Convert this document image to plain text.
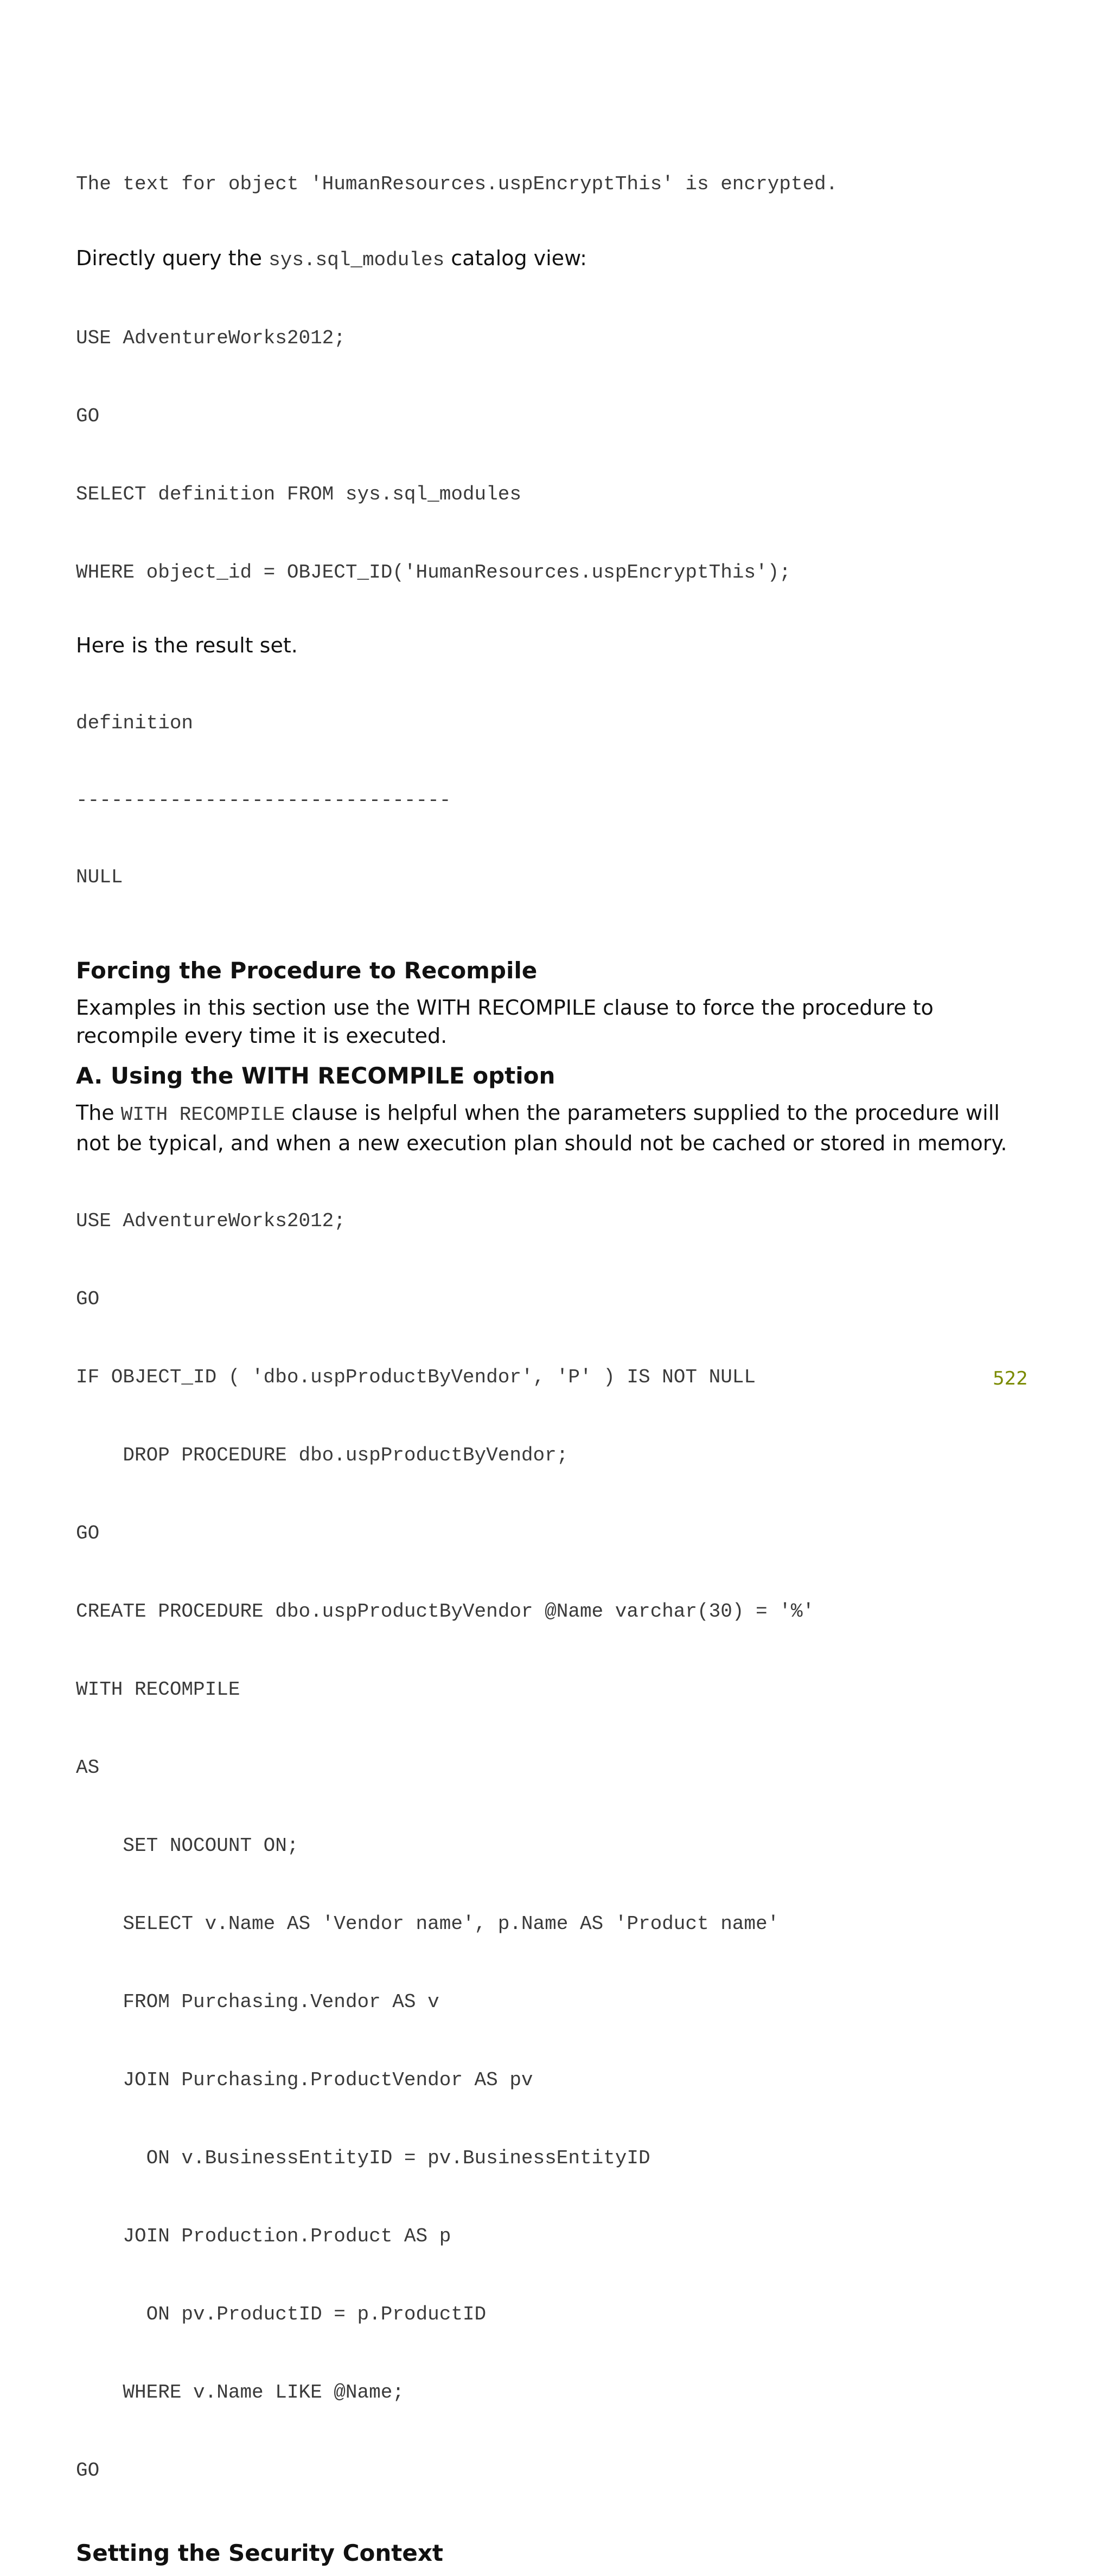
The text for object 'HumanResources.uspEncryptThis' is encrypted.

Directly query the sys.sql_modules catalog view:

USE AdventureWorks2012;

GO

SELECT definition FROM sys.sql_modules

WHERE object_id = OBJECT_ID('HumanResources.uspEncryptThis');

Here is the result set.

definition

--------------------------------

NULL

Forcing the Procedure to Recompile

Examples in this section use the WITH RECOMPILE clause to force the procedure to recompile every time it is executed.

A. Using the WITH RECOMPILE option

The WITH RECOMPILE clause is helpful when the parameters supplied to the procedure will not be typical, and when a new execution plan should not be cached or stored in memory.

USE AdventureWorks2012;

GO

IF OBJECT_ID ( 'dbo.uspProductByVendor', 'P' ) IS NOT NULL

DROP PROCEDURE dbo.uspProductByVendor;

GO

CREATE PROCEDURE dbo.uspProductByVendor @Name varchar(30) = '%'

WITH RECOMPILE

AS

SET NOCOUNT ON;

SELECT v.Name AS 'Vendor name', p.Name AS 'Product name'

FROM Purchasing.Vendor AS v

JOIN Purchasing.ProductVendor AS pv

ON v.BusinessEntityID = pv.BusinessEntityID

JOIN Production.Product AS p

ON pv.ProductID = p.ProductID

WHERE v.Name LIKE @Name;

GO

Setting the Security Context
522
